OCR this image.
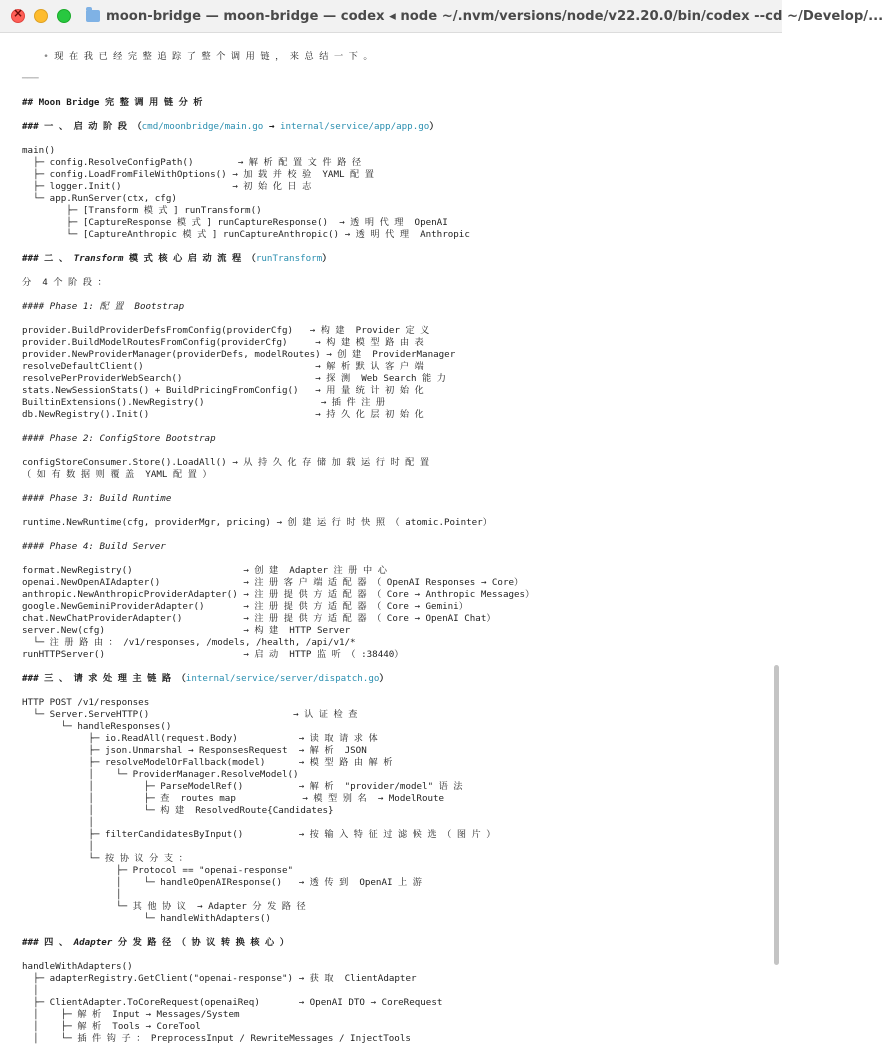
×
moon-bridge — moon-bridge — codex ◂ node ~/.nvm/versions/node/v22.20.0/bin/codex --cd ~/Develop/...

• 现 在 我 已 经 完 整 追 踪 了 整 个 调 用 链 ， 来 总 结 一 下 。

───
## Moon Bridge 完 整 调 用 链 分 析
### 一 、 启 动 阶 段 （cmd/moonbridge/main.go → internal/service/app/app.go）
main()
├─ config.ResolveConfigPath()        → 解 析 配 置 文 件 路 径
├─ config.LoadFromFileWithOptions() → 加 载 并 校 验  YAML 配 置
├─ logger.Init()                    → 初 始 化 日 志
└─ app.RunServer(ctx, cfg)
├─ [Transform 模 式 ] runTransform()
├─ [CaptureResponse 模 式 ] runCaptureResponse()  → 透 明 代 理  OpenAI
└─ [CaptureAnthropic 模 式 ] runCaptureAnthropic() → 透 明 代 理  Anthropic
### 二 、 Transform 模 式 核 心 启 动 流 程 （runTransform）
分  4 个 阶 段 ：
#### Phase 1: 配 置  Bootstrap
provider.BuildProviderDefsFromConfig(providerCfg)   → 构 建  Provider 定 义
provider.BuildModelRoutesFromConfig(providerCfg)     → 构 建 模 型 路 由 表
provider.NewProviderManager(providerDefs, modelRoutes) → 创 建  ProviderManager
resolveDefaultClient()                               → 解 析 默 认 客 户 端
resolvePerProviderWebSearch()                        → 探 测  Web Search 能 力
stats.NewSessionStats() + BuildPricingFromConfig()   → 用 量 统 计 初 始 化
BuiltinExtensions().NewRegistry()                     → 插 件 注 册
db.NewRegistry().Init()                              → 持 久 化 层 初 始 化
#### Phase 2: ConfigStore Bootstrap
configStoreConsumer.Store().LoadAll() → 从 持 久 化 存 储 加 载 运 行 时 配 置
（ 如 有 数 据 则 覆 盖  YAML 配 置 ）
#### Phase 3: Build Runtime
runtime.NewRuntime(cfg, providerMgr, pricing) → 创 建 运 行 时 快 照 （ atomic.Pointer）
#### Phase 4: Build Server
format.NewRegistry()                    → 创 建  Adapter 注 册 中 心
openai.NewOpenAIAdapter()               → 注 册 客 户 端 适 配 器 （ OpenAI Responses → Core）
anthropic.NewAnthropicProviderAdapter() → 注 册 提 供 方 适 配 器 （ Core → Anthropic Messages）
google.NewGeminiProviderAdapter()       → 注 册 提 供 方 适 配 器 （ Core → Gemini）
chat.NewChatProviderAdapter()           → 注 册 提 供 方 适 配 器 （ Core → OpenAI Chat）
server.New(cfg)                         → 构 建  HTTP Server
└─ 注 册 路 由 ： /v1/responses, /models, /health, /api/v1/*
runHTTPServer()                         → 启 动  HTTP 监 听 （ :38440）
### 三 、 请 求 处 理 主 链 路 （internal/service/server/dispatch.go）
HTTP POST /v1/responses
└─ Server.ServeHTTP()                          → 认 证 检 查
└─ handleResponses()
├─ io.ReadAll(request.Body)           → 读 取 请 求 体
├─ json.Unmarshal → ResponsesRequest  → 解 析  JSON
├─ resolveModelOrFallback(model)      → 模 型 路 由 解 析
│    └─ ProviderManager.ResolveModel()
│         ├─ ParseModelRef()          → 解 析  "provider/model" 语 法
│         ├─ 查  routes map            → 模 型 别 名  → ModelRoute
│         └─ 构 建  ResolvedRoute{Candidates}
│
├─ filterCandidatesByInput()          → 按 输 入 特 征 过 滤 候 选 （ 图 片 ）
│
└─ 按 协 议 分 支 ：
├─ Protocol == "openai-response"
│    └─ handleOpenAIResponse()   → 透 传 到  OpenAI 上 游
│
└─ 其 他 协 议  → Adapter 分 发 路 径
└─ handleWithAdapters()
### 四 、 Adapter 分 发 路 径 （ 协 议 转 换 核 心 ）
handleWithAdapters()
├─ adapterRegistry.GetClient("openai-response") → 获 取  ClientAdapter
│
├─ ClientAdapter.ToCoreRequest(openaiReq)       → OpenAI DTO → CoreRequest
│    ├─ 解 析  Input → Messages/System
│    ├─ 解 析  Tools → CoreTool
│    └─ 插 件 钩 子 ： PreprocessInput / RewriteMessages / InjectTools
